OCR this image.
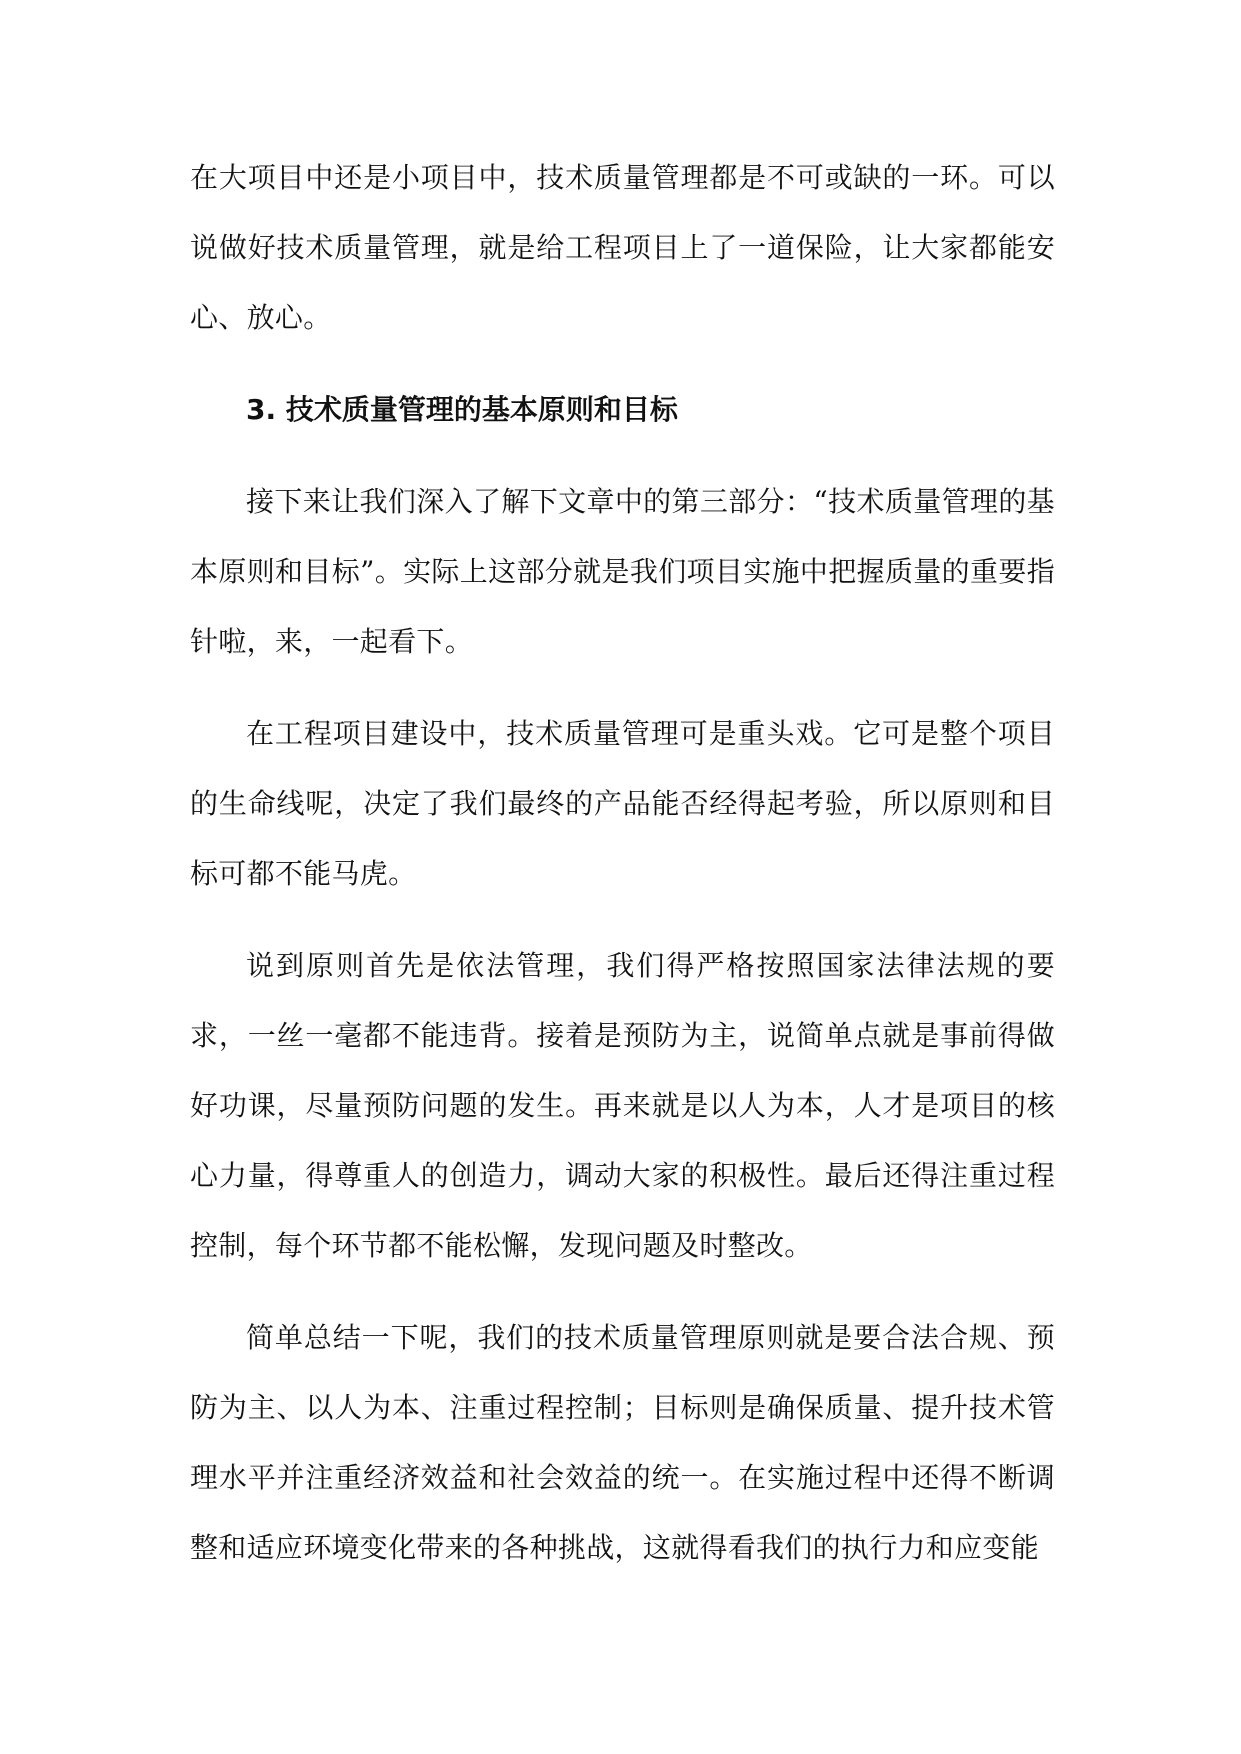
在大项目中还是小项目中，技术质量管理都是不可或缺的一环。可以说做好技术质量管理，就是给工程项目上了一道保险，让大家都能安心、放心。

3. 技术质量管理的基本原则和目标

接下来让我们深入了解下文章中的第三部分：“技术质量管理的基本原则和目标”。实际上这部分就是我们项目实施中把握质量的重要指针啦，来，一起看下。

在工程项目建设中，技术质量管理可是重头戏。它可是整个项目的生命线呢，决定了我们最终的产品能否经得起考验，所以原则和目标可都不能马虎。

说到原则首先是依法管理，我们得严格按照国家法律法规的要求，一丝一毫都不能违背。接着是预防为主，说简单点就是事前得做好功课，尽量预防问题的发生。再来就是以人为本，人才是项目的核心力量，得尊重人的创造力，调动大家的积极性。最后还得注重过程控制，每个环节都不能松懈，发现问题及时整改。

简单总结一下呢，我们的技术质量管理原则就是要合法合规、预防为主、以人为本、注重过程控制；目标则是确保质量、提升技术管理水平并注重经济效益和社会效益的统一。在实施过程中还得不断调整和适应环境变化带来的各种挑战，这就得看我们的执行力和应变能
